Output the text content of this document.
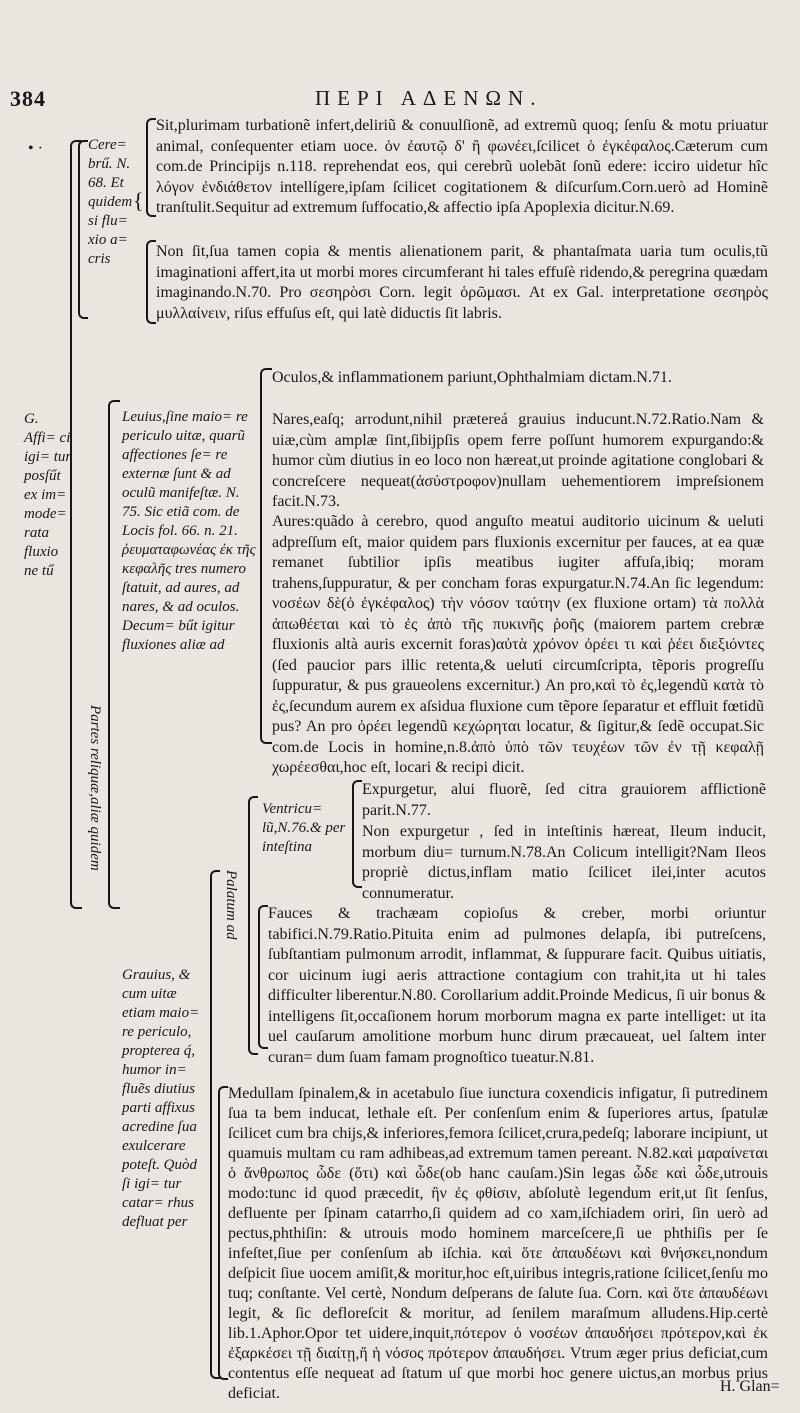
384	ΠΕΡΙ ΑΔΕΝΩΝ.
• ·
G. Affi= ci igi= tur posſűt ex im= mode= rata fluxio ne tű
Cere= brű. N. 68. Et quidem si flu= xio a= cris
{
Sit,plurimam turbationẽ infert,deliriũ & conuulſionẽ, ad extremũ quoq; ſenſu & motu priuatur animal, conſequenter etiam uoce. ὁν ἐαυτῷ δ' ἢ φωνέει,ſcilicet ὁ ἐγκέφαλος.Cæterum cum com.de Principijs n.118. reprehendat eos, qui cerebrũ uolebãt ſonũ edere: icciro uidetur hîc λόγον ἐνδιάθετον intellígere,ipſam ſcilicet cogitationem & diſcurſum.Corn.uerò ad Hominẽ tranſtulit.Sequitur ad extremum ſuffocatio,& affectio ipſa Apoplexia dicitur.N.69.
Non ſit,ſua tamen copia & mentis alienationem parit, & phantaſmata uaria tum oculis,tũ imaginationi affert,ita ut morbi mores circumferant hi tales effuſè ridendo,& peregrina quædam imaginando.N.70. Pro σεσηρὸσι Corn. legit ὁρῶμασι. At ex Gal. interpretatione σεσηρὸς μυλλαίνειν, riſus effuſus eſt, qui latè diductis ſit labris.
Partes reliquæ,aliæ quidem
Leuius,ſine maio= re periculo uitæ, quarũ affectiones ſe= re externæ ſunt & ad oculũ manifeſtæ. N. 75. Sic etiã com. de Locis fol. 66. n. 21. ῥευματαφωνέας ἐκ τῆς κεφαλῆς tres numero ſtatuit, ad aures, ad nares, & ad oculos. Decum= bűt igitur fluxiones aliæ ad
Oculos,& inflammationem pariunt,Ophthalmiam dictam.N.71.
Nares,eaſq; arrodunt,nihil prætereá grauius inducunt.N.72.Ratio.Nam & uiæ,cùm amplæ ſint,ſibijpſis opem ferre poſſunt humorem expurgando:& humor cùm diutius in eo loco non hæreat,ut proinde agitatione conglobari & concreſcere nequeat(ἀσύστροφον)nullam uehementiorem impreſsionem facit.N.73.
Aures:quãdo à cerebro, quod anguſto meatui auditorio uicinum & ueluti adpreſſum eſt, maior quidem pars fluxionis excernitur per fauces, at ea quæ remanet ſubtilior ipſis meatibus iugiter affuſa,ibiq; moram trahens,ſuppuratur, & per concham foras expurgatur.N.74.An ſic legendum: νοσέων δὲ(ὁ ἐγκέφαλος) τὴν νόσον ταύτην (ex fluxione ortam) τὰ πολλὰ ἀπωθέεται καὶ τὸ ἐς ἀπὸ τῆς πυκινῆς ῥοῆς (maiorem partem crebræ fluxionis altà auris excernit foras)αὐτὰ χρόνον ὀρέει τι καὶ ῥέει διεξιόντες (ſed paucior pars illic retenta,& ueluti circumſcripta, tẽporis progreſſu ſuppuratur, & pus graueolens excernitur.) An pro,καὶ τὸ ἐς,legendũ κατὰ τὸ ἐς,ſecundum aurem ex aſsidua fluxione cum tẽpore ſeparatur et effluit fœtidũ pus? An pro ὀρέει legendũ κεχώρηται locatur, & ſigitur,& ſedẽ occupat.Sic com.de Locis in homine,n.8.ἀπὸ ὑπὸ τῶν τευχέων τῶν ἐν τῇ κεφαλῇ χωρέεσθαι,hoc eſt, locari & recipi dicit.
Grauius, & cum uitæ etiam maio= re periculo, propterea q́, humor in= fluẽs diutius parti affixus acredine ſua exulcerare poteſt. Quòd ſi igi= tur catar= rhus defluat per
Palatum ad
Ventricu= lũ,N.76.& per inteſtina
Expurgetur, alui fluorẽ, ſed citra grauiorem afflictionẽ parit.N.77.
Non expurgetur , ſed in inteſtinis hæreat, Ileum inducit, morbum diu= turnum.N.78.An Colicum intelligit?Nam Ileos propriè dictus,inflam matio ſcilicet ilei,inter acutos connumeratur.
Fauces & trachæam copioſus & creber, morbi oriuntur tabifici.N.79.Ratio.Pituita enim ad pulmones delapſa, ibi putreſcens, ſubſtantiam pulmonum arrodit, inflammat, & ſuppurare facit. Quibus uitiatis, cor uicinum iugi aeris attractione contagium con trahit,ita ut hi tales difficulter liberentur.N.80. Corollarium addit.Proinde Medicus, ſi uir bonus & intelligens ſit,occaſionem horum morborum magna ex parte intelliget: ut ita uel cauſarum amolitione morbum hunc dirum præcaueat, uel ſaltem inter curan= dum ſuam famam prognoſtico tueatur.N.81.
Medullam ſpinalem,& in acetabulo ſiue iunctura coxendicis infigatur, ſi putredinem ſua ta bem inducat, lethale eſt. Per conſenſum enim & ſuperiores artus, ſpatulæ ſcilicet cum bra chijs,& inferiores,femora ſcilicet,crura,pedeſq; laborare incipiunt, ut quamuis multam cu ram adhibeas,ad extremum tamen pereant. N.82.καὶ μαραίνεται ὁ ἄνθρωπος ὧδε (ὅτι) καὶ ὧδε(ob hanc cauſam.)Sin legas ὧδε καὶ ὧδε,utrouis modo:tunc id quod præcedit, ἢν ἐς φθίσιν, abſolutè legendum erit,ut ſit ſenſus, defluente per ſpinam catarrho,ſi quidem ad co xam,iſchiadem oriri, ſin uerò ad pectus,phthiſin: & utrouis modo hominem marceſcere,ſi ue phthiſis per ſe infeſtet,ſiue per conſenſum ab iſchia. καὶ ὅτε ἀπαυδέωνι καὶ θνήσκει,nondum deſpicit ſiue uocem amiſit,& moritur,hoc eſt,uiribus integris,ratione ſcilicet,ſenſu mo tuq; conſtante. Vel certè, Nondum deſperans de ſalute ſua. Corn. καὶ ὅτε ἀπαυδέωνι legit, & ſic defloreſcit & moritur, ad ſenilem maraſmum alludens.Hip.certè lib.1.Aphor.Opor tet uidere,inquit,πότερον ὁ νοσέων ἀπαυδήσει πρότερον,καὶ ἐκ ἐξαρκέσει τῇ διαίτῃ,ἤ ἡ νόσος πρότερον ἀπαυδήσει. Vtrum æger prius deficiat,cum contentus eſſe nequeat ad ſtatum uſ que morbi hoc genere uictus,an morbus prius deficiat.	H. Glan=
